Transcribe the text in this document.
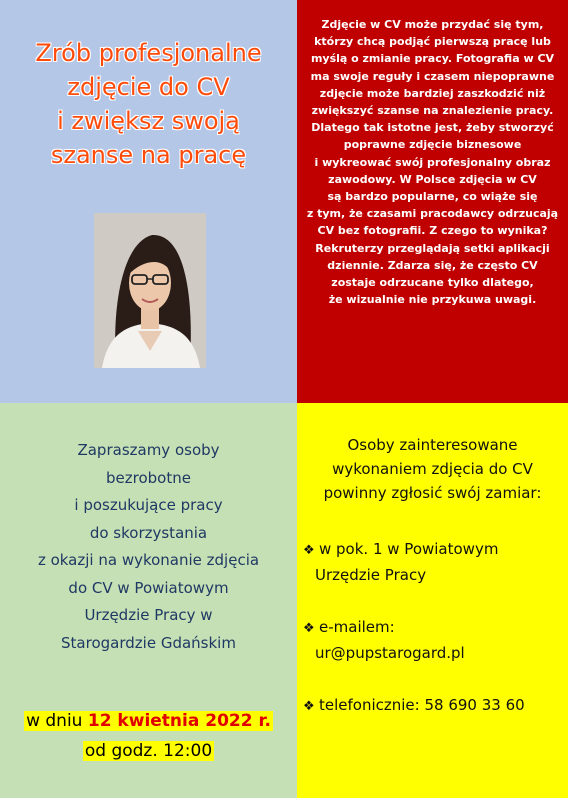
Zrób profesjonalne
zdjęcie do CV
i zwiększ swoją
szanse na pracę
Zdjęcie w CV może przydać się tym,
którzy chcą podjąć pierwszą pracę lub
myślą o zmianie pracy. Fotografia w CV
ma swoje reguły i czasem niepoprawne
zdjęcie może bardziej zaszkodzić niż
zwiększyć szanse na znalezienie pracy.
Dlatego tak istotne jest, żeby stworzyć
poprawne zdjęcie biznesowe
i wykreować swój profesjonalny obraz
zawodowy. W Polsce zdjęcia w CV
są bardzo popularne, co wiąże się
z tym, że czasami pracodawcy odrzucają
CV bez fotografii. Z czego to wynika?
Rekruterzy przeglądają setki aplikacji
dziennie. Zdarza się, że często CV
zostaje odrzucane tylko dlatego,
że wizualnie nie przykuwa uwagi.
Zapraszamy osoby
bezrobotne
i poszukujące pracy
do skorzystania
z okazji na wykonanie zdjęcia
do CV w Powiatowym
Urzędzie Pracy w
Starogardzie Gdańskim
w dniu 12 kwietnia 2022 r.
od godz. 12:00
Osoby zainteresowane
wykonaniem zdjęcia do CV
powinny zgłosić swój zamiar:
❖ w pok. 1 w Powiatowym
Urzędzie Pracy
❖ e-mailem:
ur@pupstarogard.pl
❖ telefonicznie: 58 690 33 60
